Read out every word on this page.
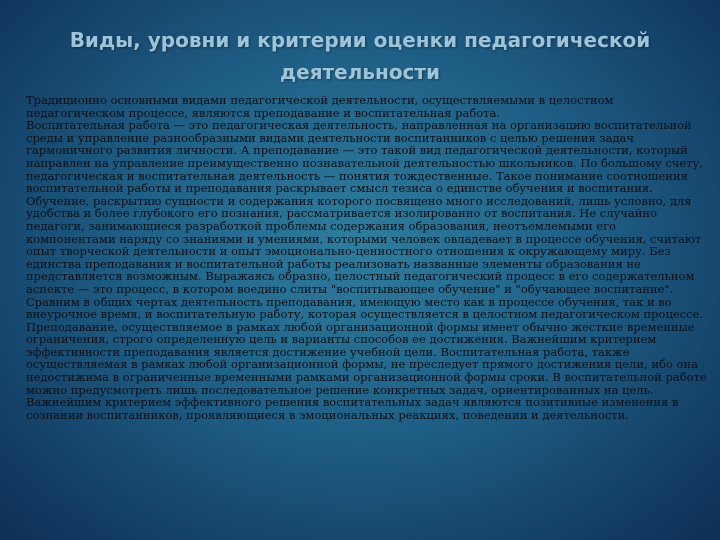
Виды, уровни и критерии оценки педагогической деятельности

Традиционно основными видами педагогической деятельности, осуществляемыми в целостном педагогическом процессе, являются преподавание и воспитательная работа.

Воспитательная работа — это педагогическая деятельность, направленная на организацию воспитательной среды и управление разнообразными видами деятельности воспитанников с целью решения задач гармоничного развития личности. А преподавание — это такой вид педагогической деятельности, который направлен на управление преимущественно познавательной деятельностью школьников. По большому счету, педагогическая и воспитательная деятельность — понятия тождественные. Такое понимание соотношения воспитательной работы и преподавания раскрывает смысл тезиса о единстве обучения и воспитания.

Обучение, раскрытию сущности и содержания которого посвящено много исследований, лишь условно, для удобства и более глубокого его познания, рассматривается изолированно от воспитания. Не случайно педагоги, занимающиеся разработкой проблемы содержания образования, неотъемлемыми его компонентами наряду со знаниями и умениями, которыми человек овладевает в процессе обучения, считают опыт творческой деятельности и опыт эмоционально-ценностного отношения к окружающему миру. Без единства преподавания и воспитательной работы реализовать названные элементы образования не представляется возможным. Выражаясь образно, целостный педагогический процесс в его содержательном аспекте — это процесс, в котором воедино слиты "воспитывающее обучение" и "обучающее воспитание".

Сравним в общих чертах деятельность преподавания, имеющую место как в процессе обучения, так и во внеурочное время, и воспитательную работу, которая осуществляется в целостном педагогическом процессе.

Преподавание, осуществляемое в рамках любой организационной формы имеет обычно жесткие временные ограничения, строго определенную цель и варианты способов ее достижения. Важнейшим критерием эффективности преподавания является достижение учебной цели. Воспитательная работа, также осуществляемая в рамках любой организационной формы, не преследует прямого достижения цели, ибо она недостижима в ограниченные временными рамками организационной формы сроки. В воспитательной работе можно предусмотреть лишь последовательное решение конкретных задач, ориентированных на цель. Важнейшим критерием эффективного решения воспитательных задач являются позитивные изменения в сознании воспитанников, проявляющиеся в эмоциональных реакциях, поведении и деятельности.
